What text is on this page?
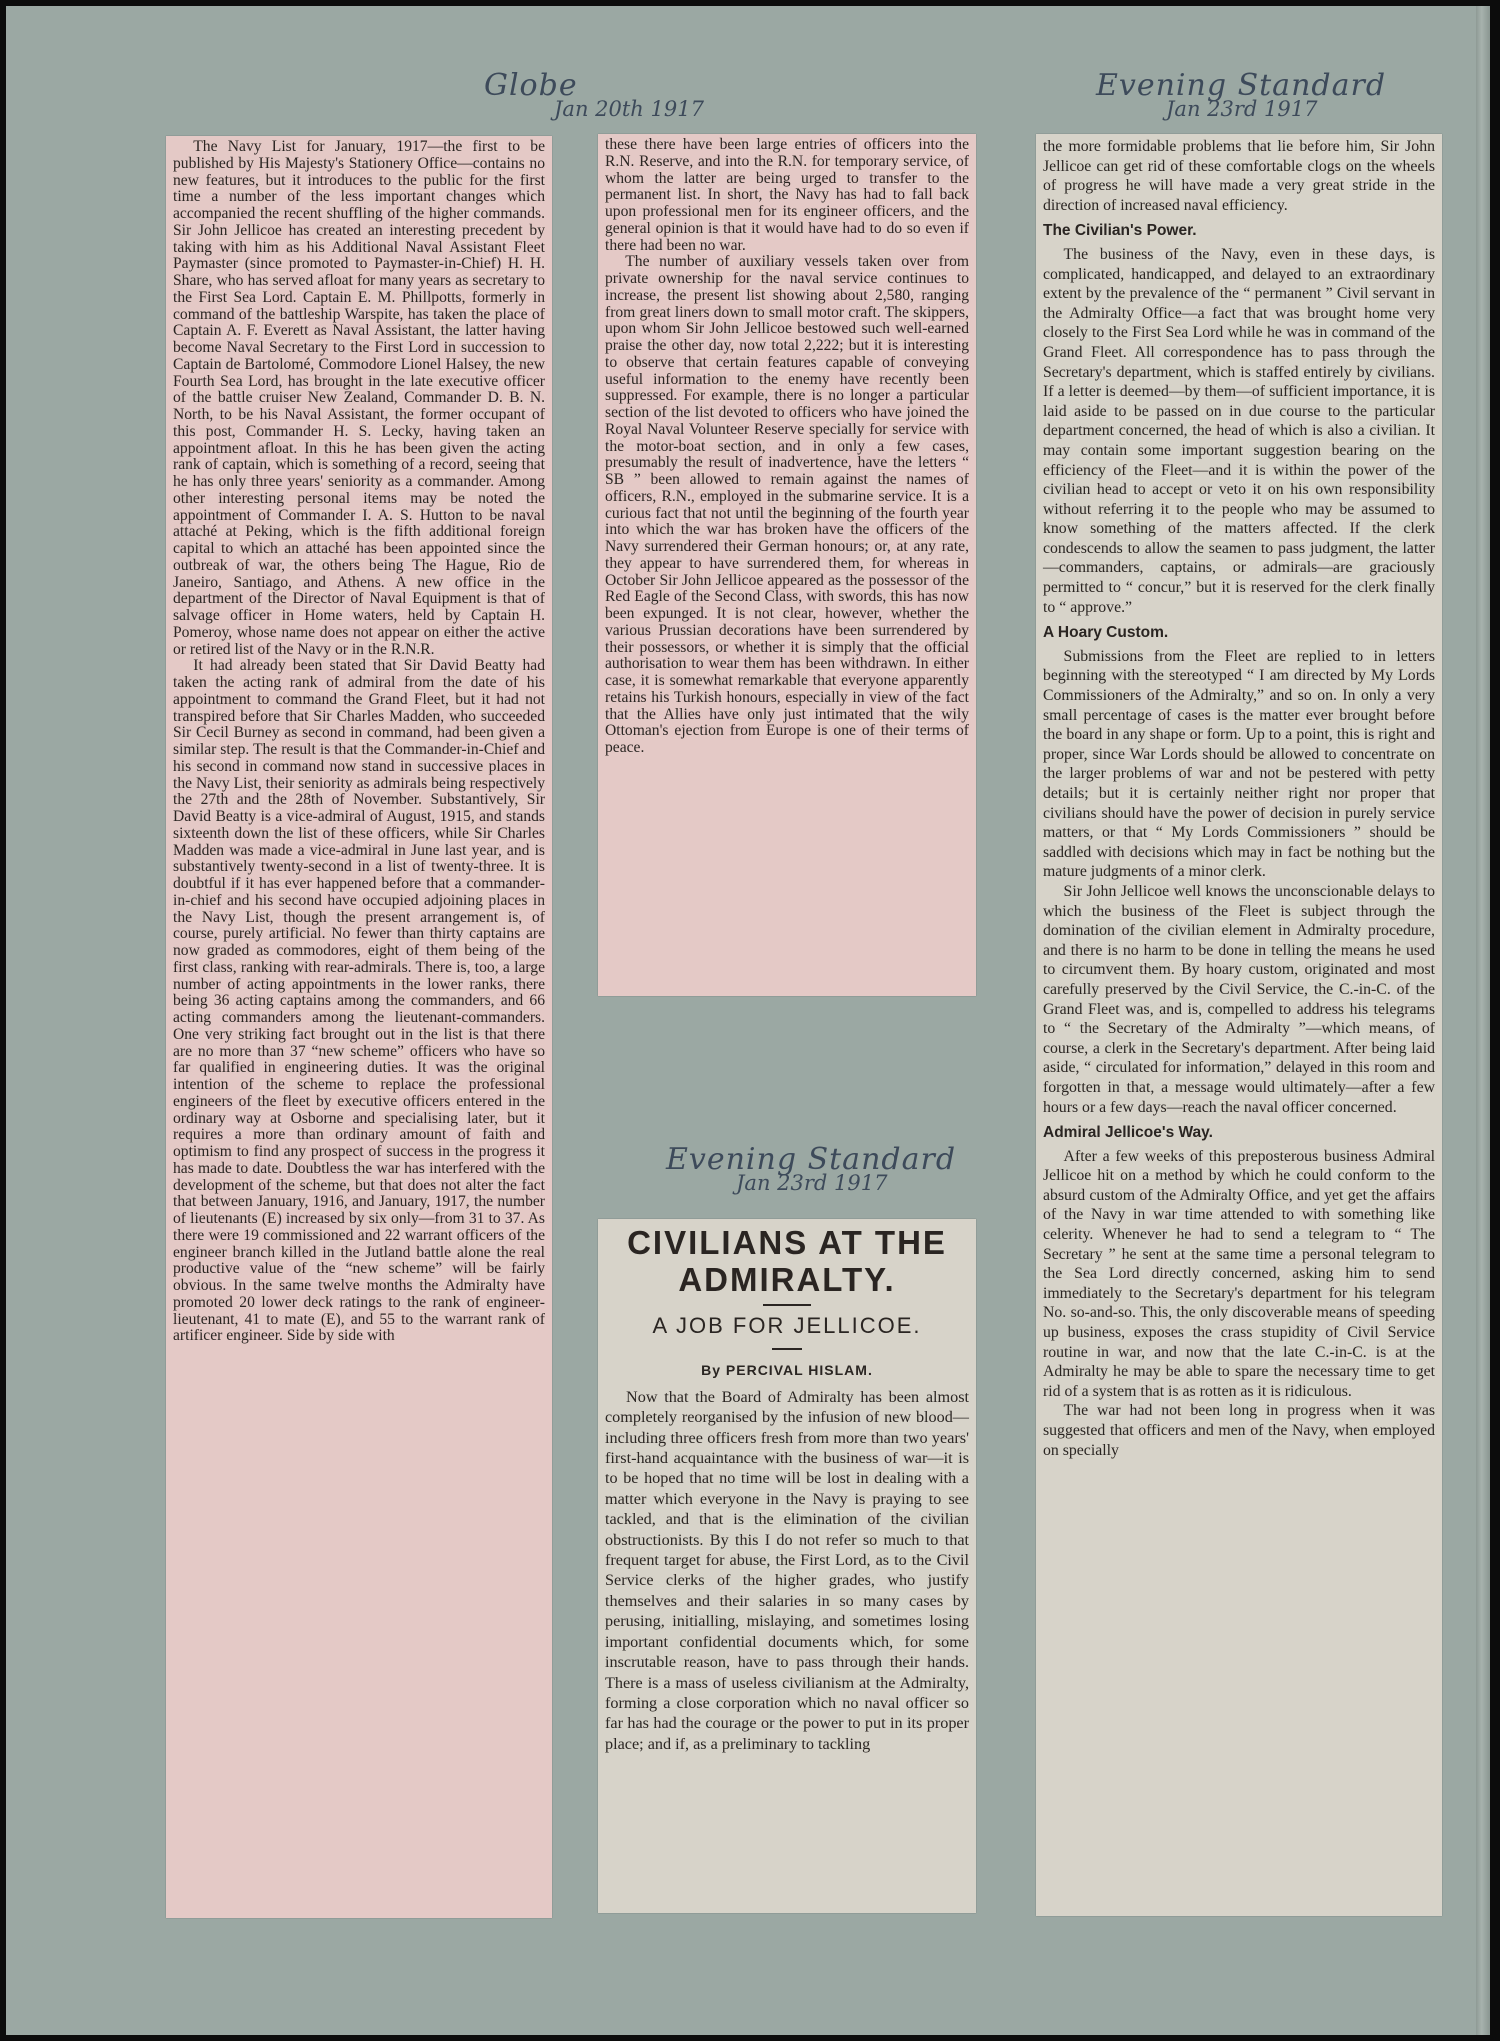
Globe
Jan 20th 1917
Evening Standard
Jan 23rd 1917
Evening Standard
Jan 23rd 1917

The Navy List for January, 1917—the first to be published by His Majesty's Stationery Office—contains no new features, but it introduces to the public for the first time a number of the less important changes which accompanied the recent shuffling of the higher commands. Sir John Jellicoe has created an interesting precedent by taking with him as his Additional Naval Assistant Fleet Paymaster (since promoted to Paymaster-in-Chief) H. H. Share, who has served afloat for many years as secretary to the First Sea Lord. Captain E. M. Phillpotts, formerly in command of the battleship Warspite, has taken the place of Captain A. F. Everett as Naval Assistant, the latter having become Naval Secretary to the First Lord in succession to Captain de Bartolomé, Commodore Lionel Halsey, the new Fourth Sea Lord, has brought in the late executive officer of the battle cruiser New Zealand, Commander D. B. N. North, to be his Naval Assistant, the former occupant of this post, Commander H. S. Lecky, having taken an appointment afloat. In this he has been given the acting rank of captain, which is something of a record, seeing that he has only three years' seniority as a commander. Among other interesting personal items may be noted the appointment of Commander I. A. S. Hutton to be naval attaché at Peking, which is the fifth additional foreign capital to which an attaché has been appointed since the outbreak of war, the others being The Hague, Rio de Janeiro, Santiago, and Athens. A new office in the department of the Director of Naval Equipment is that of salvage officer in Home waters, held by Captain H. Pomeroy, whose name does not appear on either the active or retired list of the Navy or in the R.N.R.

It had already been stated that Sir David Beatty had taken the acting rank of admiral from the date of his appointment to command the Grand Fleet, but it had not transpired before that Sir Charles Madden, who succeeded Sir Cecil Burney as second in command, had been given a similar step. The result is that the Commander-in-Chief and his second in command now stand in successive places in the Navy List, their seniority as admirals being respectively the 27th and the 28th of November. Substantively, Sir David Beatty is a vice-admiral of August, 1915, and stands sixteenth down the list of these officers, while Sir Charles Madden was made a vice-admiral in June last year, and is substantively twenty-second in a list of twenty-three. It is doubtful if it has ever happened before that a commander-in-chief and his second have occupied adjoining places in the Navy List, though the present arrangement is, of course, purely artificial. No fewer than thirty captains are now graded as commodores, eight of them being of the first class, ranking with rear-admirals. There is, too, a large number of acting appointments in the lower ranks, there being 36 acting captains among the commanders, and 66 acting commanders among the lieutenant-commanders. One very striking fact brought out in the list is that there are no more than 37 “new scheme” officers who have so far qualified in engineering duties. It was the original intention of the scheme to replace the professional engineers of the fleet by executive officers entered in the ordinary way at Osborne and specialising later, but it requires a more than ordinary amount of faith and optimism to find any prospect of success in the progress it has made to date. Doubtless the war has interfered with the development of the scheme, but that does not alter the fact that between January, 1916, and January, 1917, the number of lieutenants (E) increased by six only—from 31 to 37. As there were 19 commissioned and 22 warrant officers of the engineer branch killed in the Jutland battle alone the real productive value of the “new scheme” will be fairly obvious. In the same twelve months the Admiralty have promoted 20 lower deck ratings to the rank of engineer-lieutenant, 41 to mate (E), and 55 to the warrant rank of artificer engineer. Side by side with

these there have been large entries of officers into the R.N. Reserve, and into the R.N. for temporary service, of whom the latter are being urged to transfer to the permanent list. In short, the Navy has had to fall back upon professional men for its engineer officers, and the general opinion is that it would have had to do so even if there had been no war.

The number of auxiliary vessels taken over from private ownership for the naval service continues to increase, the present list showing about 2,580, ranging from great liners down to small motor craft. The skippers, upon whom Sir John Jellicoe bestowed such well-earned praise the other day, now total 2,222; but it is interesting to observe that certain features capable of conveying useful information to the enemy have recently been suppressed. For example, there is no longer a particular section of the list devoted to officers who have joined the Royal Naval Volunteer Reserve specially for service with the motor-boat section, and in only a few cases, presumably the result of inadvertence, have the letters “ SB ” been allowed to remain against the names of officers, R.N., employed in the submarine service. It is a curious fact that not until the beginning of the fourth year into which the war has broken have the officers of the Navy surrendered their German honours; or, at any rate, they appear to have surrendered them, for whereas in October Sir John Jellicoe appeared as the possessor of the Red Eagle of the Second Class, with swords, this has now been expunged. It is not clear, however, whether the various Prussian decorations have been surrendered by their possessors, or whether it is simply that the official authorisation to wear them has been withdrawn. In either case, it is somewhat remarkable that everyone apparently retains his Turkish honours, especially in view of the fact that the Allies have only just intimated that the wily Ottoman's ejection from Europe is one of their terms of peace.

CIVILIANS AT THE ADMIRALTY.
A JOB FOR JELLICOE.
By PERCIVAL HISLAM.

Now that the Board of Admiralty has been almost completely reorganised by the infusion of new blood—including three officers fresh from more than two years' first-hand acquaintance with the business of war—it is to be hoped that no time will be lost in dealing with a matter which everyone in the Navy is praying to see tackled, and that is the elimination of the civilian obstructionists. By this I do not refer so much to that frequent target for abuse, the First Lord, as to the Civil Service clerks of the higher grades, who justify themselves and their salaries in so many cases by perusing, initialling, mislaying, and sometimes losing important confidential documents which, for some inscrutable reason, have to pass through their hands. There is a mass of useless civilianism at the Admiralty, forming a close corporation which no naval officer so far has had the courage or the power to put in its proper place; and if, as a preliminary to tackling

the more formidable problems that lie before him, Sir John Jellicoe can get rid of these comfortable clogs on the wheels of progress he will have made a very great stride in the direction of increased naval efficiency.

The Civilian's Power.

The business of the Navy, even in these days, is complicated, handicapped, and delayed to an extraordinary extent by the prevalence of the “ permanent ” Civil servant in the Admiralty Office—a fact that was brought home very closely to the First Sea Lord while he was in command of the Grand Fleet. All correspondence has to pass through the Secretary's department, which is staffed entirely by civilians. If a letter is deemed—by them—of sufficient importance, it is laid aside to be passed on in due course to the particular department concerned, the head of which is also a civilian. It may contain some important suggestion bearing on the efficiency of the Fleet—and it is within the power of the civilian head to accept or veto it on his own responsibility without referring it to the people who may be assumed to know something of the matters affected. If the clerk condescends to allow the seamen to pass judgment, the latter—commanders, captains, or admirals—are graciously permitted to “ concur,” but it is reserved for the clerk finally to “ approve.”

A Hoary Custom.

Submissions from the Fleet are replied to in letters beginning with the stereotyped “ I am directed by My Lords Commissioners of the Admiralty,” and so on. In only a very small percentage of cases is the matter ever brought before the board in any shape or form. Up to a point, this is right and proper, since War Lords should be allowed to concentrate on the larger problems of war and not be pestered with petty details; but it is certainly neither right nor proper that civilians should have the power of decision in purely service matters, or that “ My Lords Commissioners ” should be saddled with decisions which may in fact be nothing but the mature judgments of a minor clerk.

Sir John Jellicoe well knows the unconscionable delays to which the business of the Fleet is subject through the domination of the civilian element in Admiralty procedure, and there is no harm to be done in telling the means he used to circumvent them. By hoary custom, originated and most carefully preserved by the Civil Service, the C.-in-C. of the Grand Fleet was, and is, compelled to address his telegrams to “ the Secretary of the Admiralty ”—which means, of course, a clerk in the Secretary's department. After being laid aside, “ circulated for information,” delayed in this room and forgotten in that, a message would ultimately—after a few hours or a few days—reach the naval officer concerned.

Admiral Jellicoe's Way.

After a few weeks of this preposterous business Admiral Jellicoe hit on a method by which he could conform to the absurd custom of the Admiralty Office, and yet get the affairs of the Navy in war time attended to with something like celerity. Whenever he had to send a telegram to “ The Secretary ” he sent at the same time a personal telegram to the Sea Lord directly concerned, asking him to send immediately to the Secretary's department for his telegram No. so-and-so. This, the only discoverable means of speeding up business, exposes the crass stupidity of Civil Service routine in war, and now that the late C.-in-C. is at the Admiralty he may be able to spare the necessary time to get rid of a system that is as rotten as it is ridiculous.

The war had not been long in progress when it was suggested that officers and men of the Navy, when employed on specially
